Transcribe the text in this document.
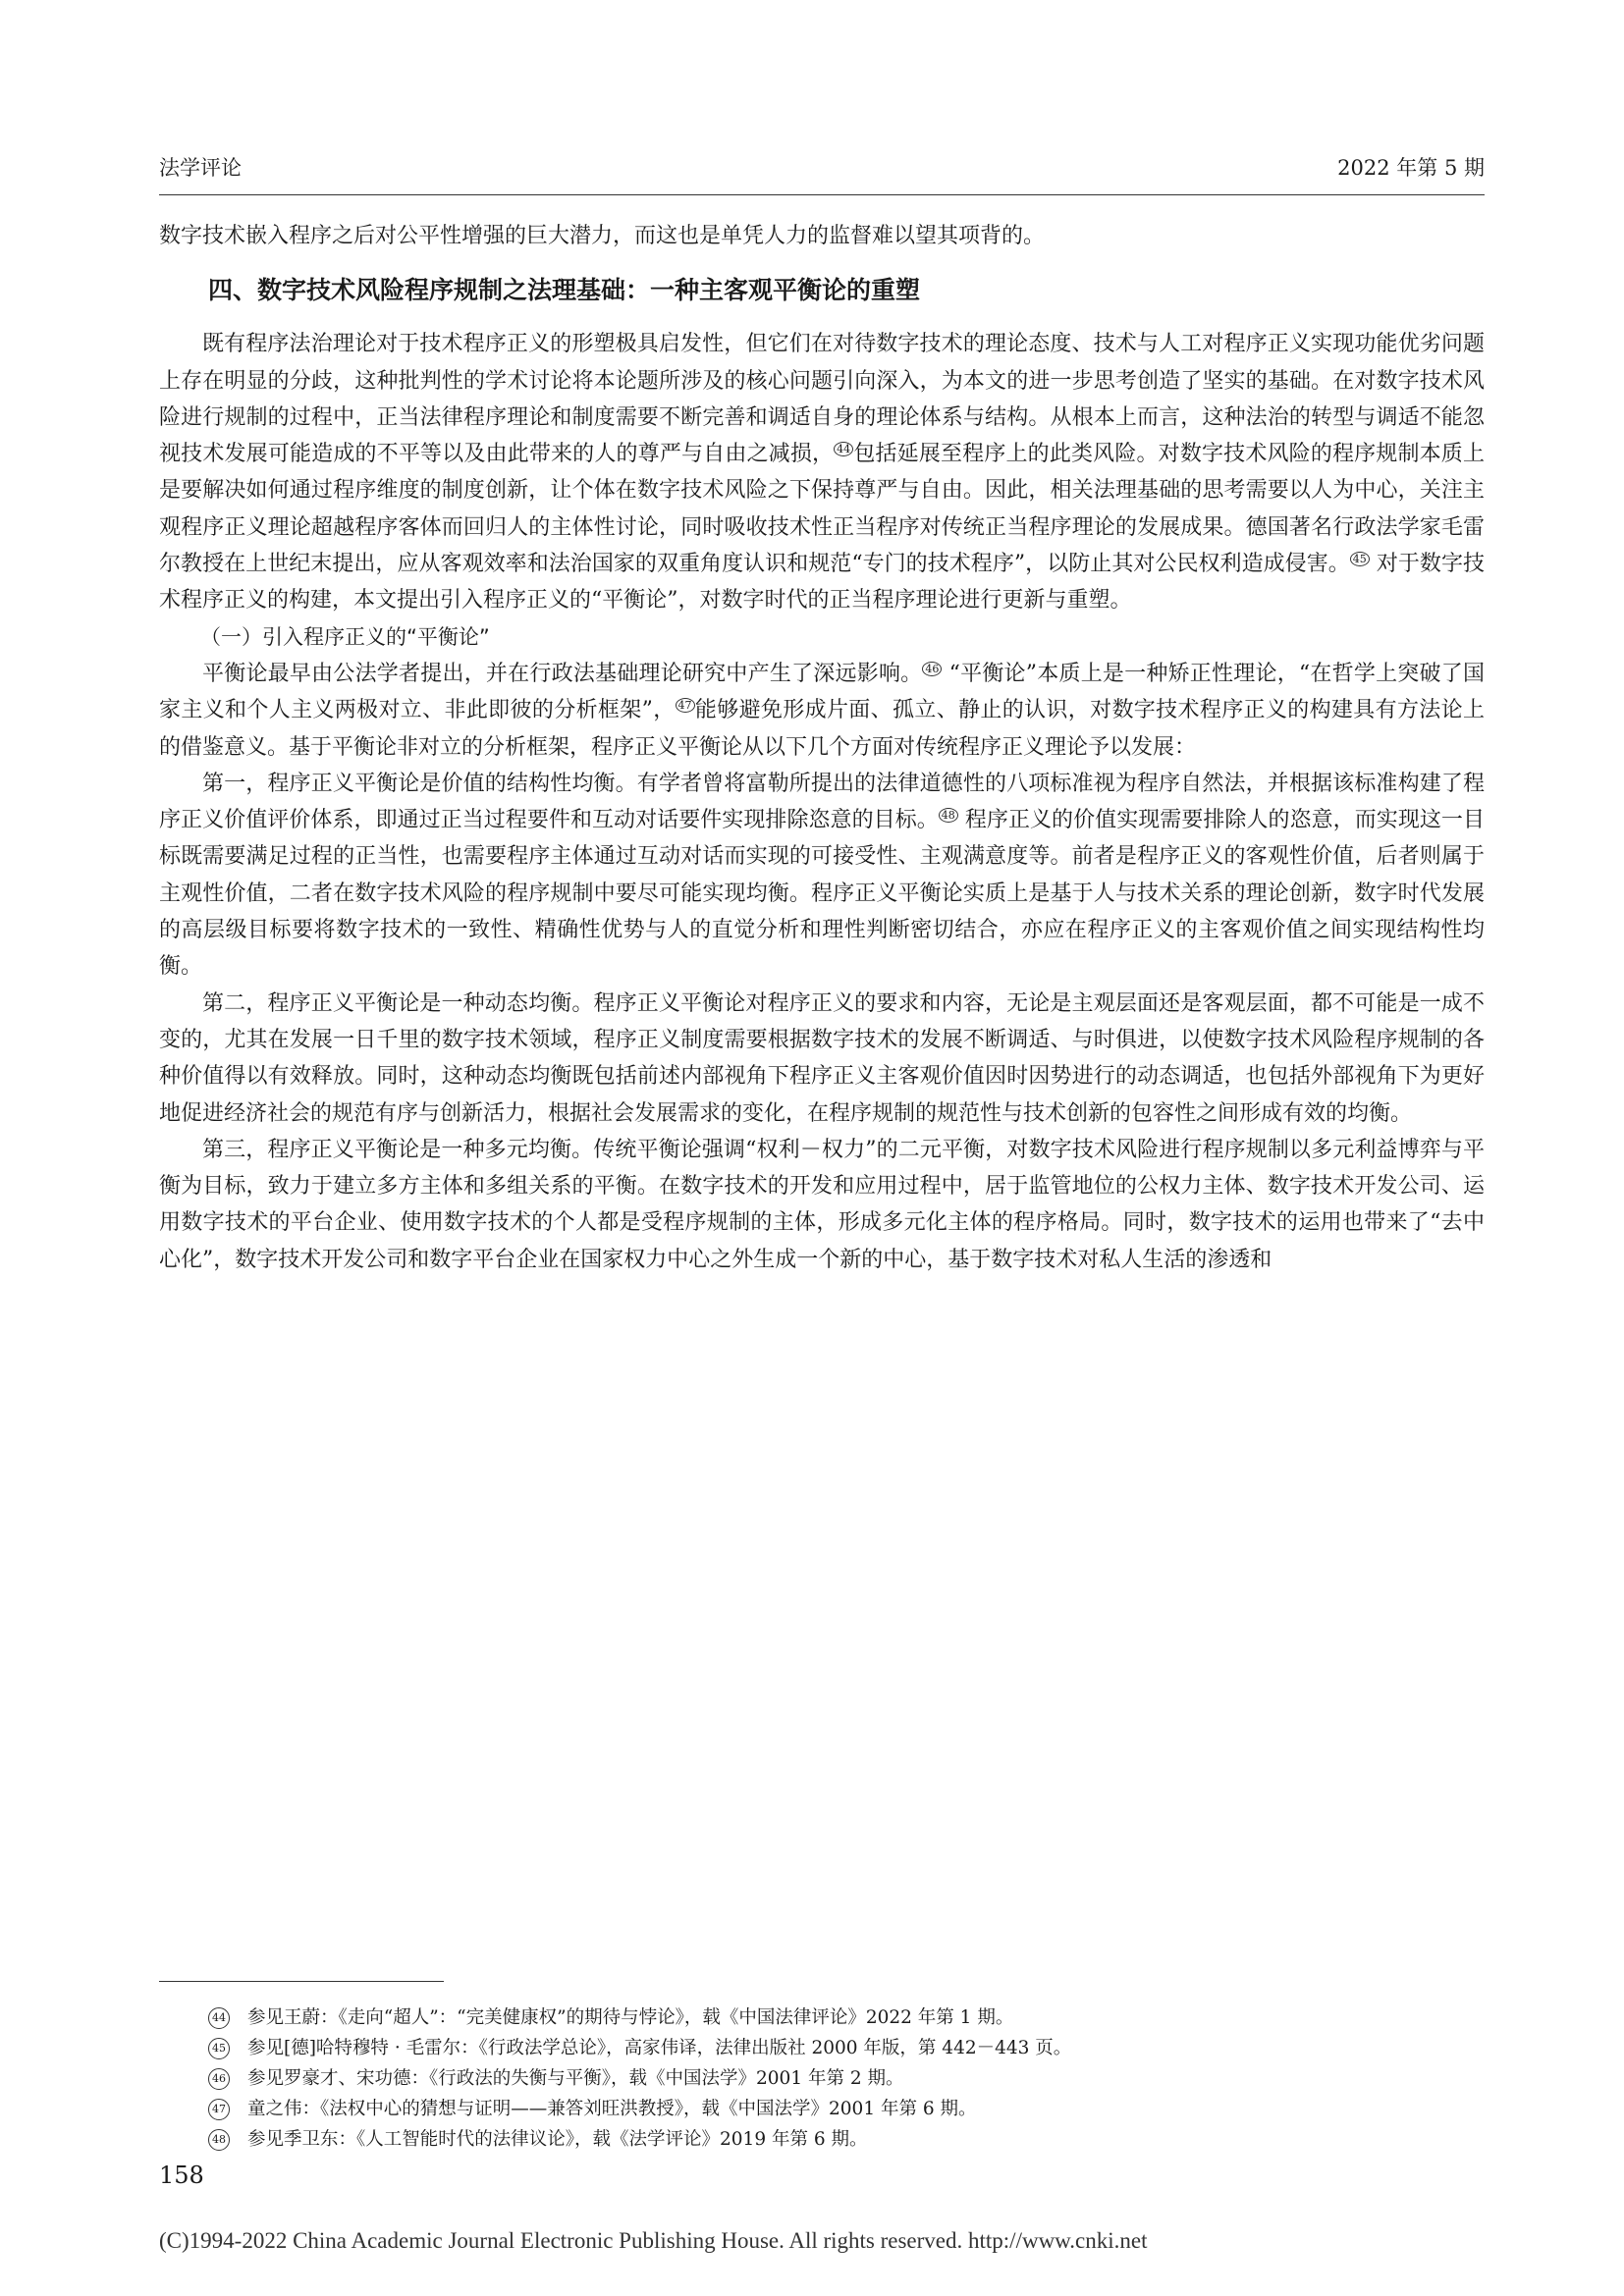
法学评论	2022 年第 5 期

数字技术嵌入程序之后对公平性增强的巨大潜力，而这也是单凭人力的监督难以望其项背的。

四、数字技术风险程序规制之法理基础：一种主客观平衡论的重塑

既有程序法治理论对于技术程序正义的形塑极具启发性，但它们在对待数字技术的理论态度、技术与人工对程序正义实现功能优劣问题上存在明显的分歧，这种批判性的学术讨论将本论题所涉及的核心问题引向深入，为本文的进一步思考创造了坚实的基础。在对数字技术风险进行规制的过程中，正当法律程序理论和制度需要不断完善和调适自身的理论体系与结构。从根本上而言，这种法治的转型与调适不能忽视技术发展可能造成的不平等以及由此带来的人的尊严与自由之减损， $^{44}$ 包括延展至程序上的此类风险。对数字技术风险的程序规制本质上是要解决如何通过程序维度的制度创新，让个体在数字技术风险之下保持尊严与自由。因此，相关法理基础的思考需要以人为中心，关注主观程序正义理论超越程序客体而回归人的主体性讨论，同时吸收技术性正当程序对传统正当程序理论的发展成果。德国著名行政法学家毛雷尔教授在上世纪末提出，应从客观效率和法治国家的双重角度认识和规范“专门的技术程序”，以防止其对公民权利造成侵害。 $^{45}$ 对于数字技术程序正义的构建，本文提出引入程序正义的“平衡论”，对数字时代的正当程序理论进行更新与重塑。

（一）引入程序正义的“平衡论”

平衡论最早由公法学者提出，并在行政法基础理论研究中产生了深远影响。 $^{46}$ “平衡论”本质上是一种矫正性理论，“在哲学上突破了国家主义和个人主义两极对立、非此即彼的分析框架”， $^{47}$ 能够避免形成片面、孤立、静止的认识，对数字技术程序正义的构建具有方法论上的借鉴意义。基于平衡论非对立的分析框架，程序正义平衡论从以下几个方面对传统程序正义理论予以发展：

第一，程序正义平衡论是价值的结构性均衡。有学者曾将富勒所提出的法律道德性的八项标准视为程序自然法，并根据该标准构建了程序正义价值评价体系，即通过正当过程要件和互动对话要件实现排除恣意的目标。 $^{48}$ 程序正义的价值实现需要排除人的恣意，而实现这一目标既需要满足过程的正当性，也需要程序主体通过互动对话而实现的可接受性、主观满意度等。前者是程序正义的客观性价值，后者则属于主观性价值，二者在数字技术风险的程序规制中要尽可能实现均衡。程序正义平衡论实质上是基于人与技术关系的理论创新，数字时代发展的高层级目标要将数字技术的一致性、精确性优势与人的直觉分析和理性判断密切结合，亦应在程序正义的主客观价值之间实现结构性均衡。

第二，程序正义平衡论是一种动态均衡。程序正义平衡论对程序正义的要求和内容，无论是主观层面还是客观层面，都不可能是一成不变的，尤其在发展一日千里的数字技术领域，程序正义制度需要根据数字技术的发展不断调适、与时俱进，以使数字技术风险程序规制的各种价值得以有效释放。同时，这种动态均衡既包括前述内部视角下程序正义主客观价值因时因势进行的动态调适，也包括外部视角下为更好地促进经济社会的规范有序与创新活力，根据社会发展需求的变化，在程序规制的规范性与技术创新的包容性之间形成有效的均衡。

第三，程序正义平衡论是一种多元均衡。传统平衡论强调“权利－权力”的二元平衡，对数字技术风险进行程序规制以多元利益博弈与平衡为目标，致力于建立多方主体和多组关系的平衡。在数字技术的开发和应用过程中，居于监管地位的公权力主体、数字技术开发公司、运用数字技术的平台企业、使用数字技术的个人都是受程序规制的主体，形成多元化主体的程序格局。同时，数字技术的运用也带来了“去中心化”，数字技术开发公司和数字平台企业在国家权力中心之外生成一个新的中心，基于数字技术对私人生活的渗透和

44 参见王蔚：《走向“超人”：“完美健康权”的期待与悖论》，载《中国法律评论》2022 年第 1 期。
45 参见[德]哈特穆特 · 毛雷尔：《行政法学总论》，高家伟译，法律出版社 2000 年版，第 442－443 页。
46 参见罗豪才、宋功德：《行政法的失衡与平衡》，载《中国法学》2001 年第 2 期。
47 童之伟：《法权中心的猜想与证明——兼答刘旺洪教授》，载《中国法学》2001 年第 6 期。
48 参见季卫东：《人工智能时代的法律议论》，载《法学评论》2019 年第 6 期。
158
(C)1994-2022 China Academic Journal Electronic Publishing House. All rights reserved. http://www.cnki.net
